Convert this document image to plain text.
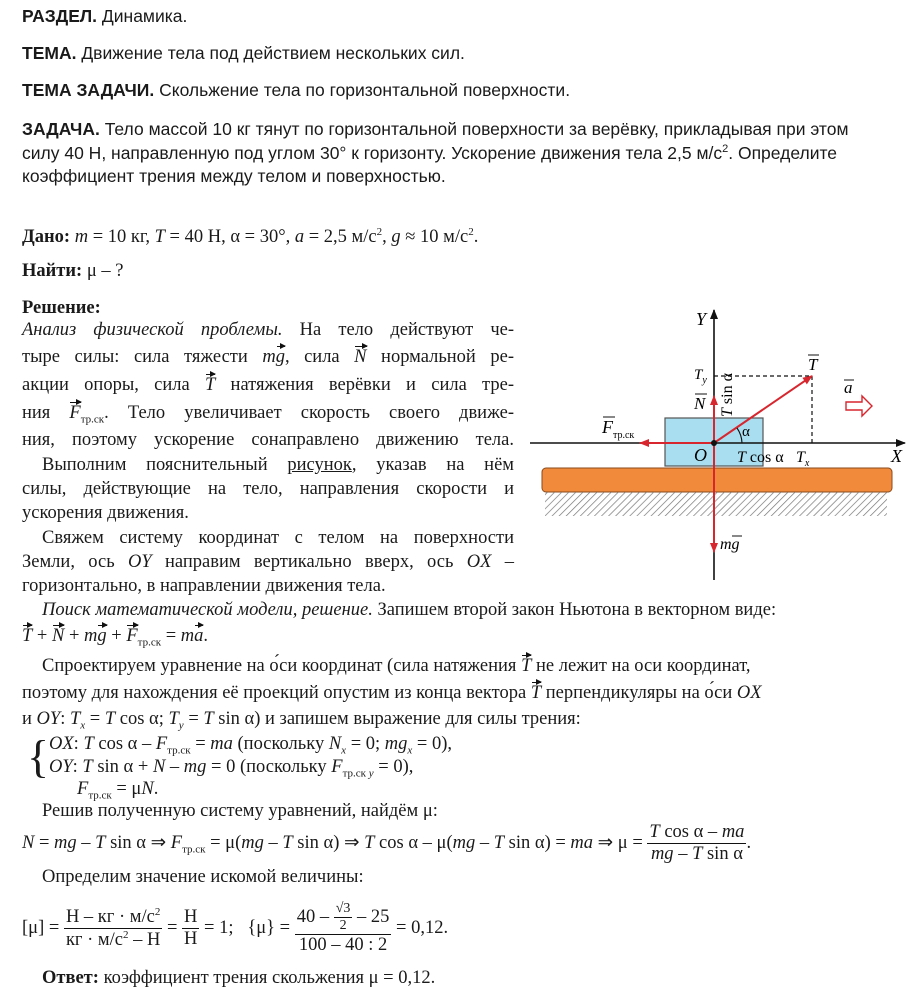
РАЗДЕЛ. Динамика.
ТЕМА. Движение тела под действием нескольких сил.
ТЕМА ЗАДАЧИ. Скольжение тела по горизонтальной поверхности.
ЗАДАЧА. Тело массой 10 кг тянут по горизонтальной поверхности за верёвку, прикладывая при этом
силу 40 Н, направленную под углом 30° к горизонту. Ускорение движения тела 2,5 $м/с^2$. Определите
коэффициент трения между телом и поверхностью.
Дано: m = 10 кг, T = 40 Н, α = 30°, a = 2,5 $м/с^2$, g ≈ 10 $м/с^2$.
Найти: μ – ?
Решение:
Анализ физической проблемы. На тело действуют че-
тыре силы: сила тяжести mg, сила N нормальной ре-
акции опоры, сила T натяжения верёвки и сила тре-
ния $F_{тр.ск}$. Тело увеличивает скорость своего движе-
ния, поэтому ускорение сонаправлено движению тела.
Выполним пояснительный рисунок, указав на нём
силы, действующие на тело, направления скорости и
ускорения движения.
Свяжем систему координат с телом на поверхности
Земли, ось OY направим вертикально вверх, ось OX –
горизонтально, в направлении движения тела.
Поиск математической модели, решение. Запишем второй закон Ньютона в векторном виде:
T + N + mg + $F_{тр.ск}$ = ma.
Спроектируем уравнение на о́си координат (сила натяжения T не лежит на оси координат,
поэтому для нахождения её проекций опустим из конца вектора T перпендикуляры на о́си OX
и OY: $T_x = T$ cos α; $T_y = T$ sin α) и запишем выражение для силы трения:
{ OX: T cos α – $F_{тр.ск}$ = ma (поскольку $N_x = 0$; $mg_x = 0$),
OY: T sin α + N – mg = 0 (поскольку $F_{тр.ск y} = 0$),
$F_{тр.ск} = \mu N$.
Решив полученную систему уравнений, найдём μ:
N = mg – T sin α ⇒ $F_{тр.ск} = \mu(mg - T$ sin α) ⇒ T cos α – μ(mg – T sin α) = ma ⇒ $\mu = \frac{\text{T cos α – ma}}{\text{mg – T sin α}}$ .
Определим значение искомой величины:
$[\mu] = \frac{Н - кг \cdot м/с^2}{кг \cdot м/с^2 - Н} = \frac{Н}{Н} = 1$;   $\{\mu\} = \frac{40 - \frac{√3}{2} - 25}{100 - 40 : 2} = 0,12$.
Ответ: коэффициент трения скольжения μ = 0,12.
X
Y
O
$T_y$
T sin α
T cos α $T_x$
α
T
N
a
$F_{тр.ск}$
mg
